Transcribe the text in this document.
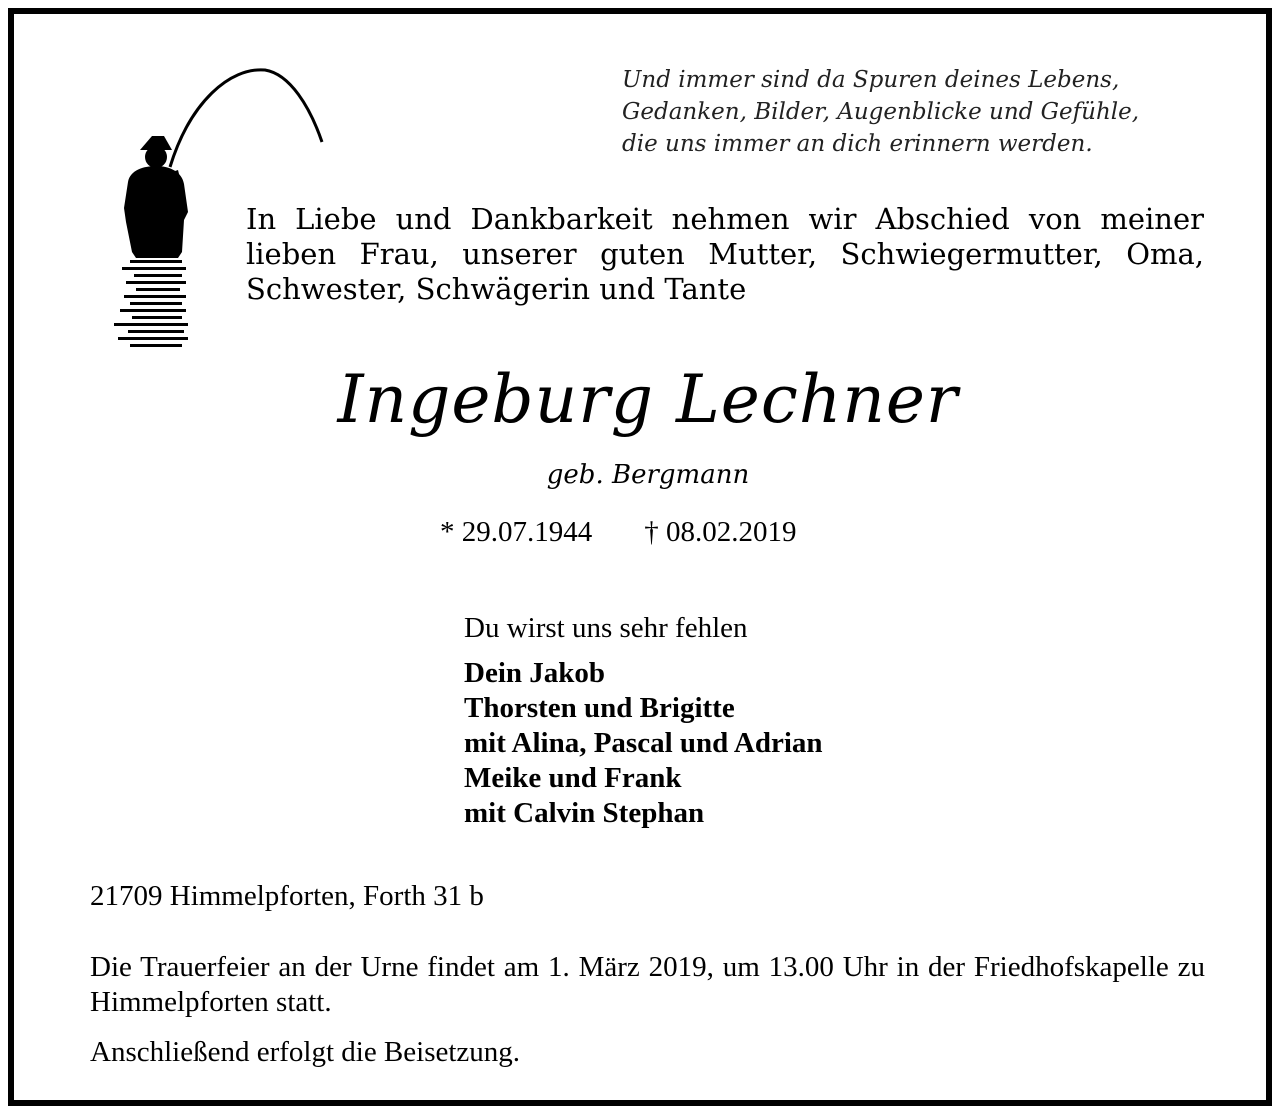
Und immer sind da Spuren deines Lebens,
Gedanken, Bilder, Augenblicke und Gefühle,
die uns immer an dich erinnern werden.
In Liebe und Dankbarkeit nehmen wir Abschied von meiner lieben Frau, unserer guten Mutter, Schwiegermutter, Oma, Schwester, Schwägerin und Tante
Ingeburg Lechner
geb. Bergmann
* 29.07.1944 † 08.02.2019
Du wirst uns sehr fehlen
Dein Jakob
Thorsten und Brigitte
mit Alina, Pascal und Adrian
Meike und Frank
mit Calvin Stephan
21709 Himmelpforten, Forth 31 b
Die Trauerfeier an der Urne findet am 1. März 2019, um 13.00 Uhr in der Friedhofskapelle zu Himmelpforten statt.
Anschließend erfolgt die Beisetzung.
